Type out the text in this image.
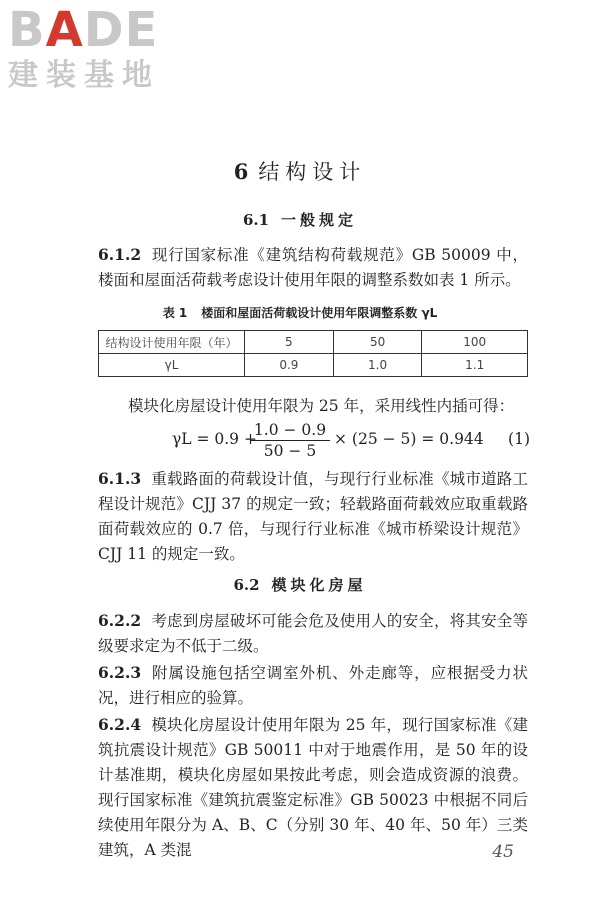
BADE
建装基地
6 结构设计
6.1 一般规定
6.1.2 现行国家标准《建筑结构荷载规范》GB 50009 中，楼面和屋面活荷载考虑设计使用年限的调整系数如表 1 所示。
表 1 楼面和屋面活荷载设计使用年限调整系数 γL
结构设计使用年限（年）	5	50	100
γL	0.9	1.0	1.1
模块化房屋设计使用年限为 25 年，采用线性内插可得：
γL = 0.9 +
$\frac{1.0 - 0.9}{50 - 5} \times (25 - 5) = 0.944$ (1)
6.1.3 重载路面的荷载设计值，与现行行业标准《城市道路工程设计规范》CJJ 37 的规定一致；轻载路面荷载效应取重载路面荷载效应的 0.7 倍，与现行行业标准《城市桥梁设计规范》CJJ 11 的规定一致。
6.2 模块化房屋
6.2.2 考虑到房屋破坏可能会危及使用人的安全，将其安全等级要求定为不低于二级。
6.2.3 附属设施包括空调室外机、外走廊等，应根据受力状况，进行相应的验算。
6.2.4 模块化房屋设计使用年限为 25 年，现行国家标准《建筑抗震设计规范》GB 50011 中对于地震作用，是 50 年的设计基准期，模块化房屋如果按此考虑，则会造成资源的浪费。现行国家标准《建筑抗震鉴定标准》GB 50023 中根据不同后续使用年限分为 A、B、C（分别 30 年、40 年、50 年）三类建筑，A 类混	45
